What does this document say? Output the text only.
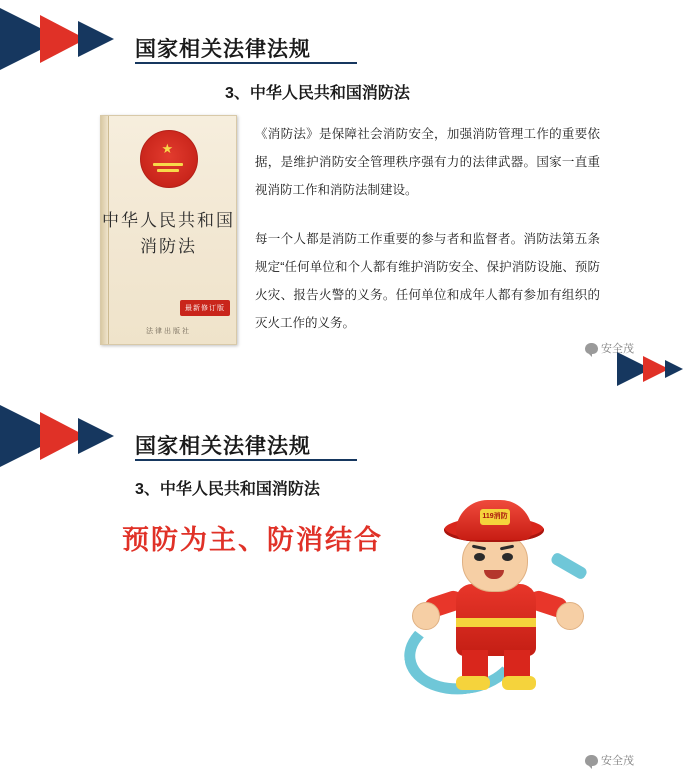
国家相关法律法规
3、中华人民共和国消防法
★
中华人民共和国
消防法
最新修订版
法律出版社
《消防法》是保障社会消防安全，加强消防管理工作的重要依据，是维护消防安全管理秩序强有力的法律武器。国家一直重视消防工作和消防法制建设。
每一个人都是消防工作重要的参与者和监督者。消防法第五条规定“任何单位和个人都有维护消防安全、保护消防设施、预防火灾、报告火警的义务。任何单位和成年人都有参加有组织的灭火工作的义务。
安全茂
国家相关法律法规
3、中华人民共和国消防法
预防为主、防消结合
119消防
安全茂
